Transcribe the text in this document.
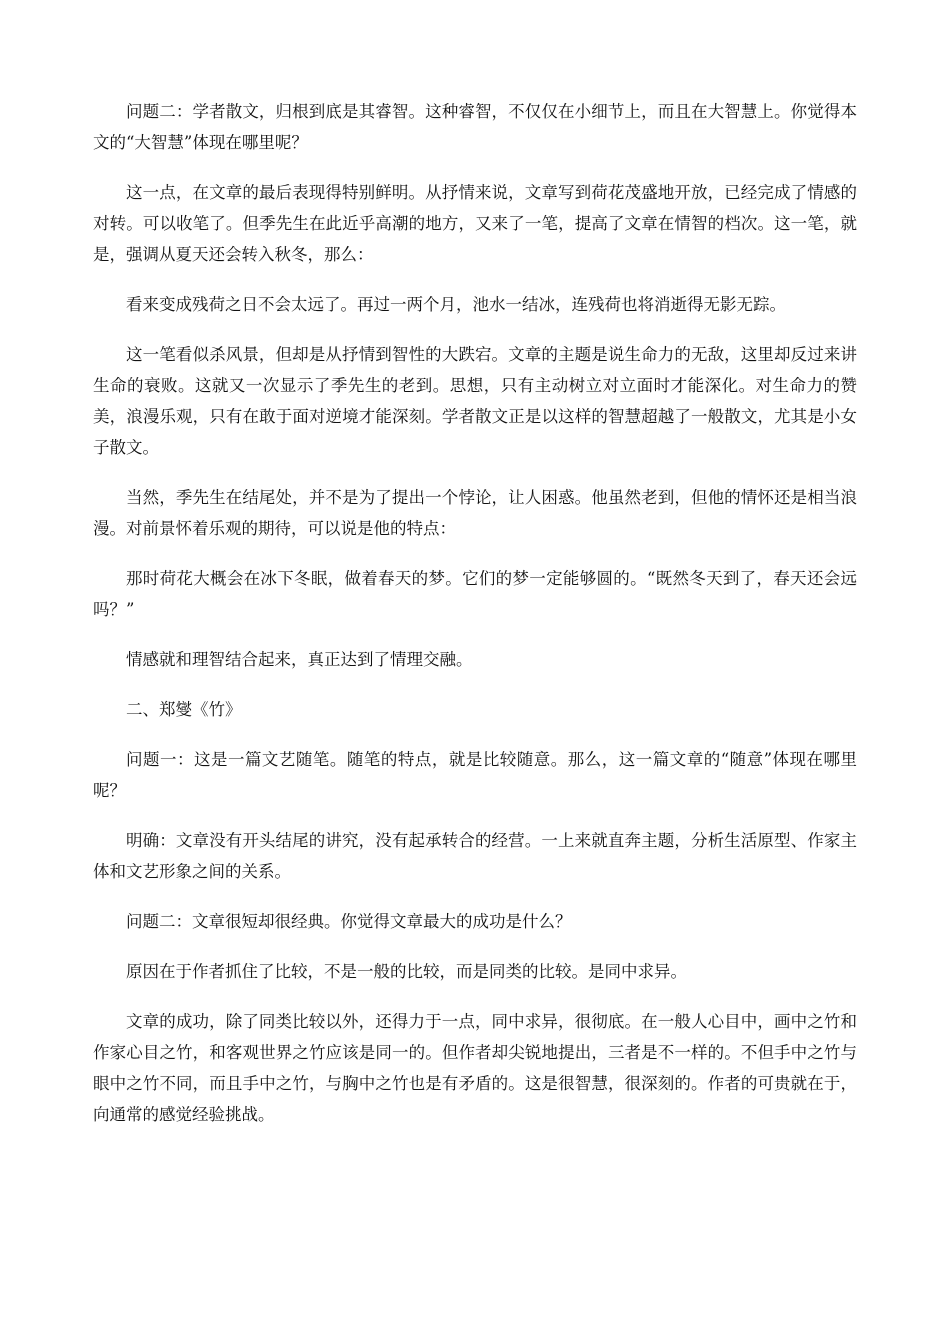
问题二：学者散文，归根到底是其睿智。这种睿智，不仅仅在小细节上，而且在大智慧上。你觉得本文的“大智慧”体现在哪里呢？

这一点，在文章的最后表现得特别鲜明。从抒情来说，文章写到荷花茂盛地开放，已经完成了情感的对转。可以收笔了。但季先生在此近乎高潮的地方，又来了一笔，提高了文章在情智的档次。这一笔，就是，强调从夏天还会转入秋冬，那么：

看来变成残荷之日不会太远了。再过一两个月，池水一结冰，连残荷也将消逝得无影无踪。

这一笔看似杀风景，但却是从抒情到智性的大跌宕。文章的主题是说生命力的无敌，这里却反过来讲生命的衰败。这就又一次显示了季先生的老到。思想，只有主动树立对立面时才能深化。对生命力的赞美，浪漫乐观，只有在敢于面对逆境才能深刻。学者散文正是以这样的智慧超越了一般散文，尤其是小女子散文。

当然，季先生在结尾处，并不是为了提出一个悖论，让人困惑。他虽然老到，但他的情怀还是相当浪漫。对前景怀着乐观的期待，可以说是他的特点：

那时荷花大概会在冰下冬眠，做着春天的梦。它们的梦一定能够圆的。“既然冬天到了，春天还会远吗？”

情感就和理智结合起来，真正达到了情理交融。

二、郑燮《竹》

问题一：这是一篇文艺随笔。随笔的特点，就是比较随意。那么，这一篇文章的“随意”体现在哪里呢？

明确：文章没有开头结尾的讲究，没有起承转合的经营。一上来就直奔主题，分析生活原型、作家主体和文艺形象之间的关系。

问题二：文章很短却很经典。你觉得文章最大的成功是什么？

原因在于作者抓住了比较，不是一般的比较，而是同类的比较。是同中求异。

文章的成功，除了同类比较以外，还得力于一点，同中求异，很彻底。在一般人心目中，画中之竹和作家心目之竹，和客观世界之竹应该是同一的。但作者却尖锐地提出，三者是不一样的。不但手中之竹与眼中之竹不同，而且手中之竹，与胸中之竹也是有矛盾的。这是很智慧，很深刻的。作者的可贵就在于，向通常的感觉经验挑战。
